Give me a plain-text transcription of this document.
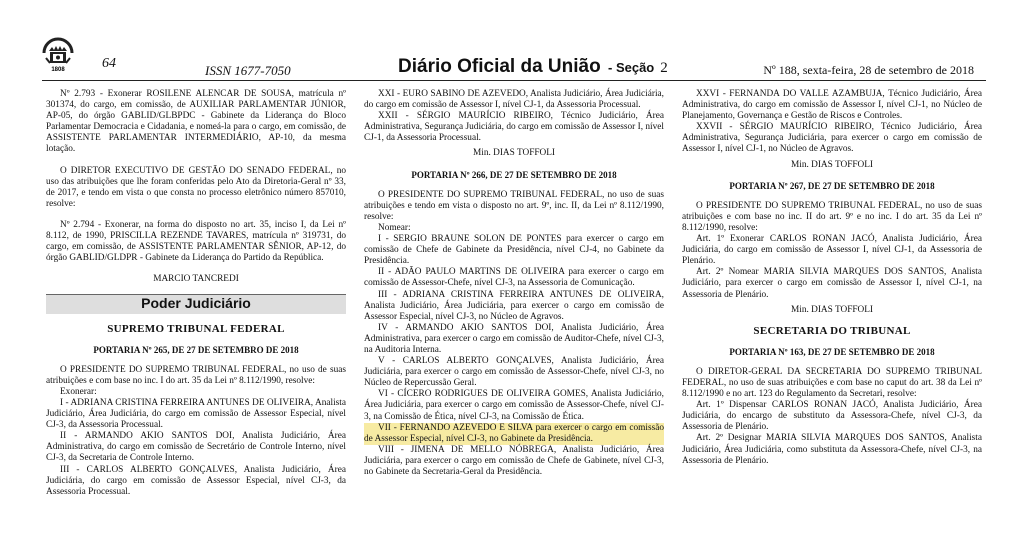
1808	64	ISSN 1677-7050	Diário Oficial da União - Seção 2	Nº 188, sexta-feira, 28 de setembro de 2018

Nº 2.793 - Exonerar ROSILENE ALENCAR DE SOUSA, matrícula nº 301374, do cargo, em comissão, de AUXILIAR PARLAMENTAR JÚNIOR, AP-05, do órgão GABLID/GLBPDC - Gabinete da Liderança do Bloco Parlamentar Democracia e Cidadania, e nomeá-la para o cargo, em comissão, de ASSISTENTE PARLAMENTAR INTERMEDIÁRIO, AP-10, da mesma lotação.

O DIRETOR EXECUTIVO DE GESTÃO DO SENADO FEDERAL, no uso das atribuições que lhe foram conferidas pelo Ato da Diretoria-Geral nº 33, de 2017, e tendo em vista o que consta no processo eletrônico número 857010, resolve:

Nº 2.794 - Exonerar, na forma do disposto no art. 35, inciso I, da Lei nº 8.112, de 1990, PRISCILLA REZENDE TAVARES, matrícula nº 319731, do cargo, em comissão, de ASSISTENTE PARLAMENTAR SÊNIOR, AP-12, do órgão GABLID/GLDPR - Gabinete da Liderança do Partido da República.

MARCIO TANCREDI

Poder Judiciário
SUPREMO TRIBUNAL FEDERAL
PORTARIA Nº 265, DE 27 DE SETEMBRO DE 2018

O PRESIDENTE DO SUPREMO TRIBUNAL FEDERAL, no uso de suas atribuições e com base no inc. I do art. 35 da Lei nº 8.112/1990, resolve:

Exonerar:

I - ADRIANA CRISTINA FERREIRA ANTUNES DE OLIVEIRA, Analista Judiciário, Área Judiciária, do cargo em comissão de Assessor Especial, nível CJ-3, da Assessoria Processual.

II - ARMANDO AKIO SANTOS DOI, Analista Judiciário, Área Administrativa, do cargo em comissão de Secretário de Controle Interno, nível CJ-3, da Secretaria de Controle Interno.

III - CARLOS ALBERTO GONÇALVES, Analista Judiciário, Área Judiciária, do cargo em comissão de Assessor Especial, nível CJ-3, da Assessoria Processual.

XXI - EURO SABINO DE AZEVEDO, Analista Judiciário, Área Judiciária, do cargo em comissão de Assessor I, nível CJ-1, da Assessoria Processual.

XXII - SÉRGIO MAURÍCIO RIBEIRO, Técnico Judiciário, Área Administrativa, Segurança Judiciária, do cargo em comissão de Assessor I, nível CJ-1, da Assessoria Processual.

Min. DIAS TOFFOLI

PORTARIA Nº 266, DE 27 DE SETEMBRO DE 2018

O PRESIDENTE DO SUPREMO TRIBUNAL FEDERAL, no uso de suas atribuições e tendo em vista o disposto no art. 9º, inc. II, da Lei nº 8.112/1990, resolve:

Nomear:

I - SERGIO BRAUNE SOLON DE PONTES para exercer o cargo em comissão de Chefe de Gabinete da Presidência, nível CJ-4, no Gabinete da Presidência.

II - ADÃO PAULO MARTINS DE OLIVEIRA para exercer o cargo em comissão de Assessor-Chefe, nível CJ-3, na Assessoria de Comunicação.

III - ADRIANA CRISTINA FERREIRA ANTUNES DE OLIVEIRA, Analista Judiciário, Área Judiciária, para exercer o cargo em comissão de Assessor Especial, nível CJ-3, no Núcleo de Agravos.

IV - ARMANDO AKIO SANTOS DOI, Analista Judiciário, Área Administrativa, para exercer o cargo em comissão de Auditor-Chefe, nível CJ-3, na Auditoria Interna.

V - CARLOS ALBERTO GONÇALVES, Analista Judiciário, Área Judiciária, para exercer o cargo em comissão de Assessor-Chefe, nível CJ-3, no Núcleo de Repercussão Geral.

VI - CÍCERO RODRIGUES DE OLIVEIRA GOMES, Analista Judiciário, Área Judiciária, para exercer o cargo em comissão de Assessor-Chefe, nível CJ-3, na Comissão de Ética, nível CJ-3, na Comissão de Ética.

VII - FERNANDO AZEVEDO E SILVA para exercer o cargo em comissão de Assessor Especial, nível CJ-3, no Gabinete da Presidência.

VIII - JIMENA DE MELLO NÓBREGA, Analista Judiciário, Área Judiciária, para exercer o cargo em comissão de Chefe de Gabinete, nível CJ-3, no Gabinete da Secretaria-Geral da Presidência.

XXVI - FERNANDA DO VALLE AZAMBUJA, Técnico Judiciário, Área Administrativa, do cargo em comissão de Assessor I, nível CJ-1, no Núcleo de Planejamento, Governança e Gestão de Riscos e Controles.

XXVII - SÉRGIO MAURÍCIO RIBEIRO, Técnico Judiciário, Área Administrativa, Segurança Judiciária, para exercer o cargo em comissão de Assessor I, nível CJ-1, no Núcleo de Agravos.

Min. DIAS TOFFOLI

PORTARIA Nº 267, DE 27 DE SETEMBRO DE 2018

O PRESIDENTE DO SUPREMO TRIBUNAL FEDERAL, no uso de suas atribuições e com base no inc. II do art. 9º e no inc. I do art. 35 da Lei nº 8.112/1990, resolve:

Art. 1º Exonerar CARLOS RONAN JACÓ, Analista Judiciário, Área Judiciária, do cargo em comissão de Assessor I, nível CJ-1, da Assessoria de Plenário.

Art. 2º Nomear MARIA SILVIA MARQUES DOS SANTOS, Analista Judiciário, para exercer o cargo em comissão de Assessor I, nível CJ-1, na Assessoria de Plenário.

Min. DIAS TOFFOLI

SECRETARIA DO TRIBUNAL
PORTARIA Nº 163, DE 27 DE SETEMBRO DE 2018

O DIRETOR-GERAL DA SECRETARIA DO SUPREMO TRIBUNAL FEDERAL, no uso de suas atribuições e com base no caput do art. 38 da Lei nº 8.112/1990 e no art. 123 do Regulamento da Secretari, resolve:

Art. 1º Dispensar CARLOS RONAN JACÓ, Analista Judiciário, Área Judiciária, do encargo de substituto da Assessora-Chefe, nível CJ-3, da Assessoria de Plenário.

Art. 2º Designar MARIA SILVIA MARQUES DOS SANTOS, Analista Judiciário, Área Judiciária, como substituta da Assessora-Chefe, nível CJ-3, na Assessoria de Plenário.
